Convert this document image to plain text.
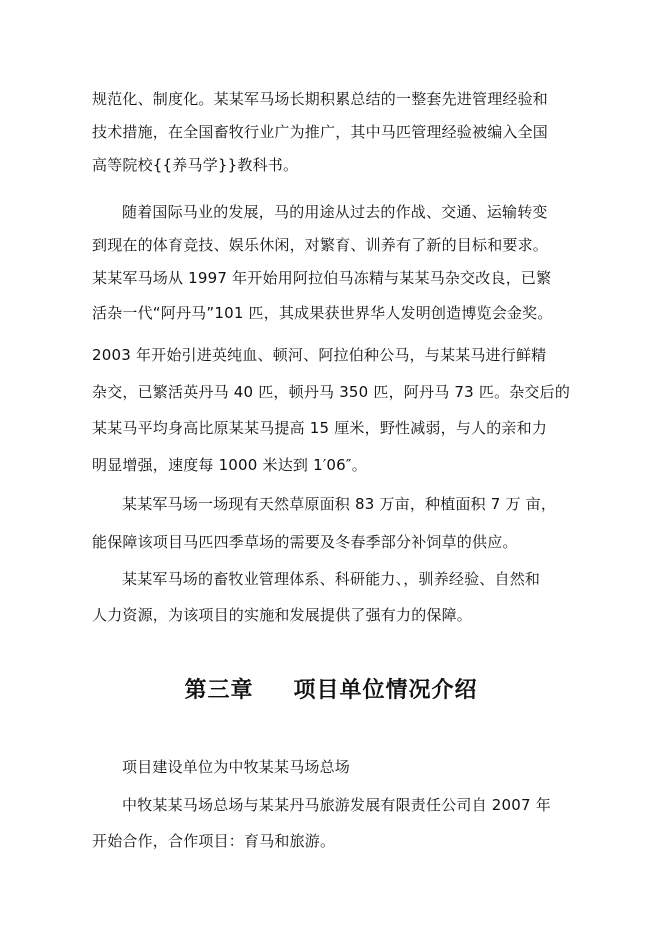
规范化、制度化。某某军马场长期积累总结的一整套先进管理经验和
技术措施，在全国畜牧行业广为推广，其中马匹管理经验被编入全国
高等院校{{养马学}}教科书。
随着国际马业的发展，马的用途从过去的作战、交通、运输转变
到现在的体育竞技、娱乐休闲，对繁育、训养有了新的目标和要求。
某某军马场从 1997 年开始用阿拉伯马冻精与某某马杂交改良，已繁
活杂一代“阿丹马”101 匹，其成果获世界华人发明创造博览会金奖。
2003 年开始引进英纯血、顿河、阿拉伯种公马，与某某马进行鲜精
杂交，已繁活英丹马 40 匹，顿丹马 350 匹，阿丹马 73 匹。杂交后的
某某马平均身高比原某某马提高 15 厘米，野性减弱，与人的亲和力
明显增强，速度每 1000 米达到 1′06″。
某某军马场一场现有天然草原面积 83 万亩，种植面积 7 万 亩，
能保障该项目马匹四季草场的需要及冬春季部分补饲草的供应。
某某军马场的畜牧业管理体系、科研能力、，驯养经验、自然和
人力资源，为该项目的实施和发展提供了强有力的保障。
第三章 项目单位情况介绍
项目建设单位为中牧某某马场总场
中牧某某马场总场与某某丹马旅游发展有限责任公司自 2007 年
开始合作，合作项目：育马和旅游。
